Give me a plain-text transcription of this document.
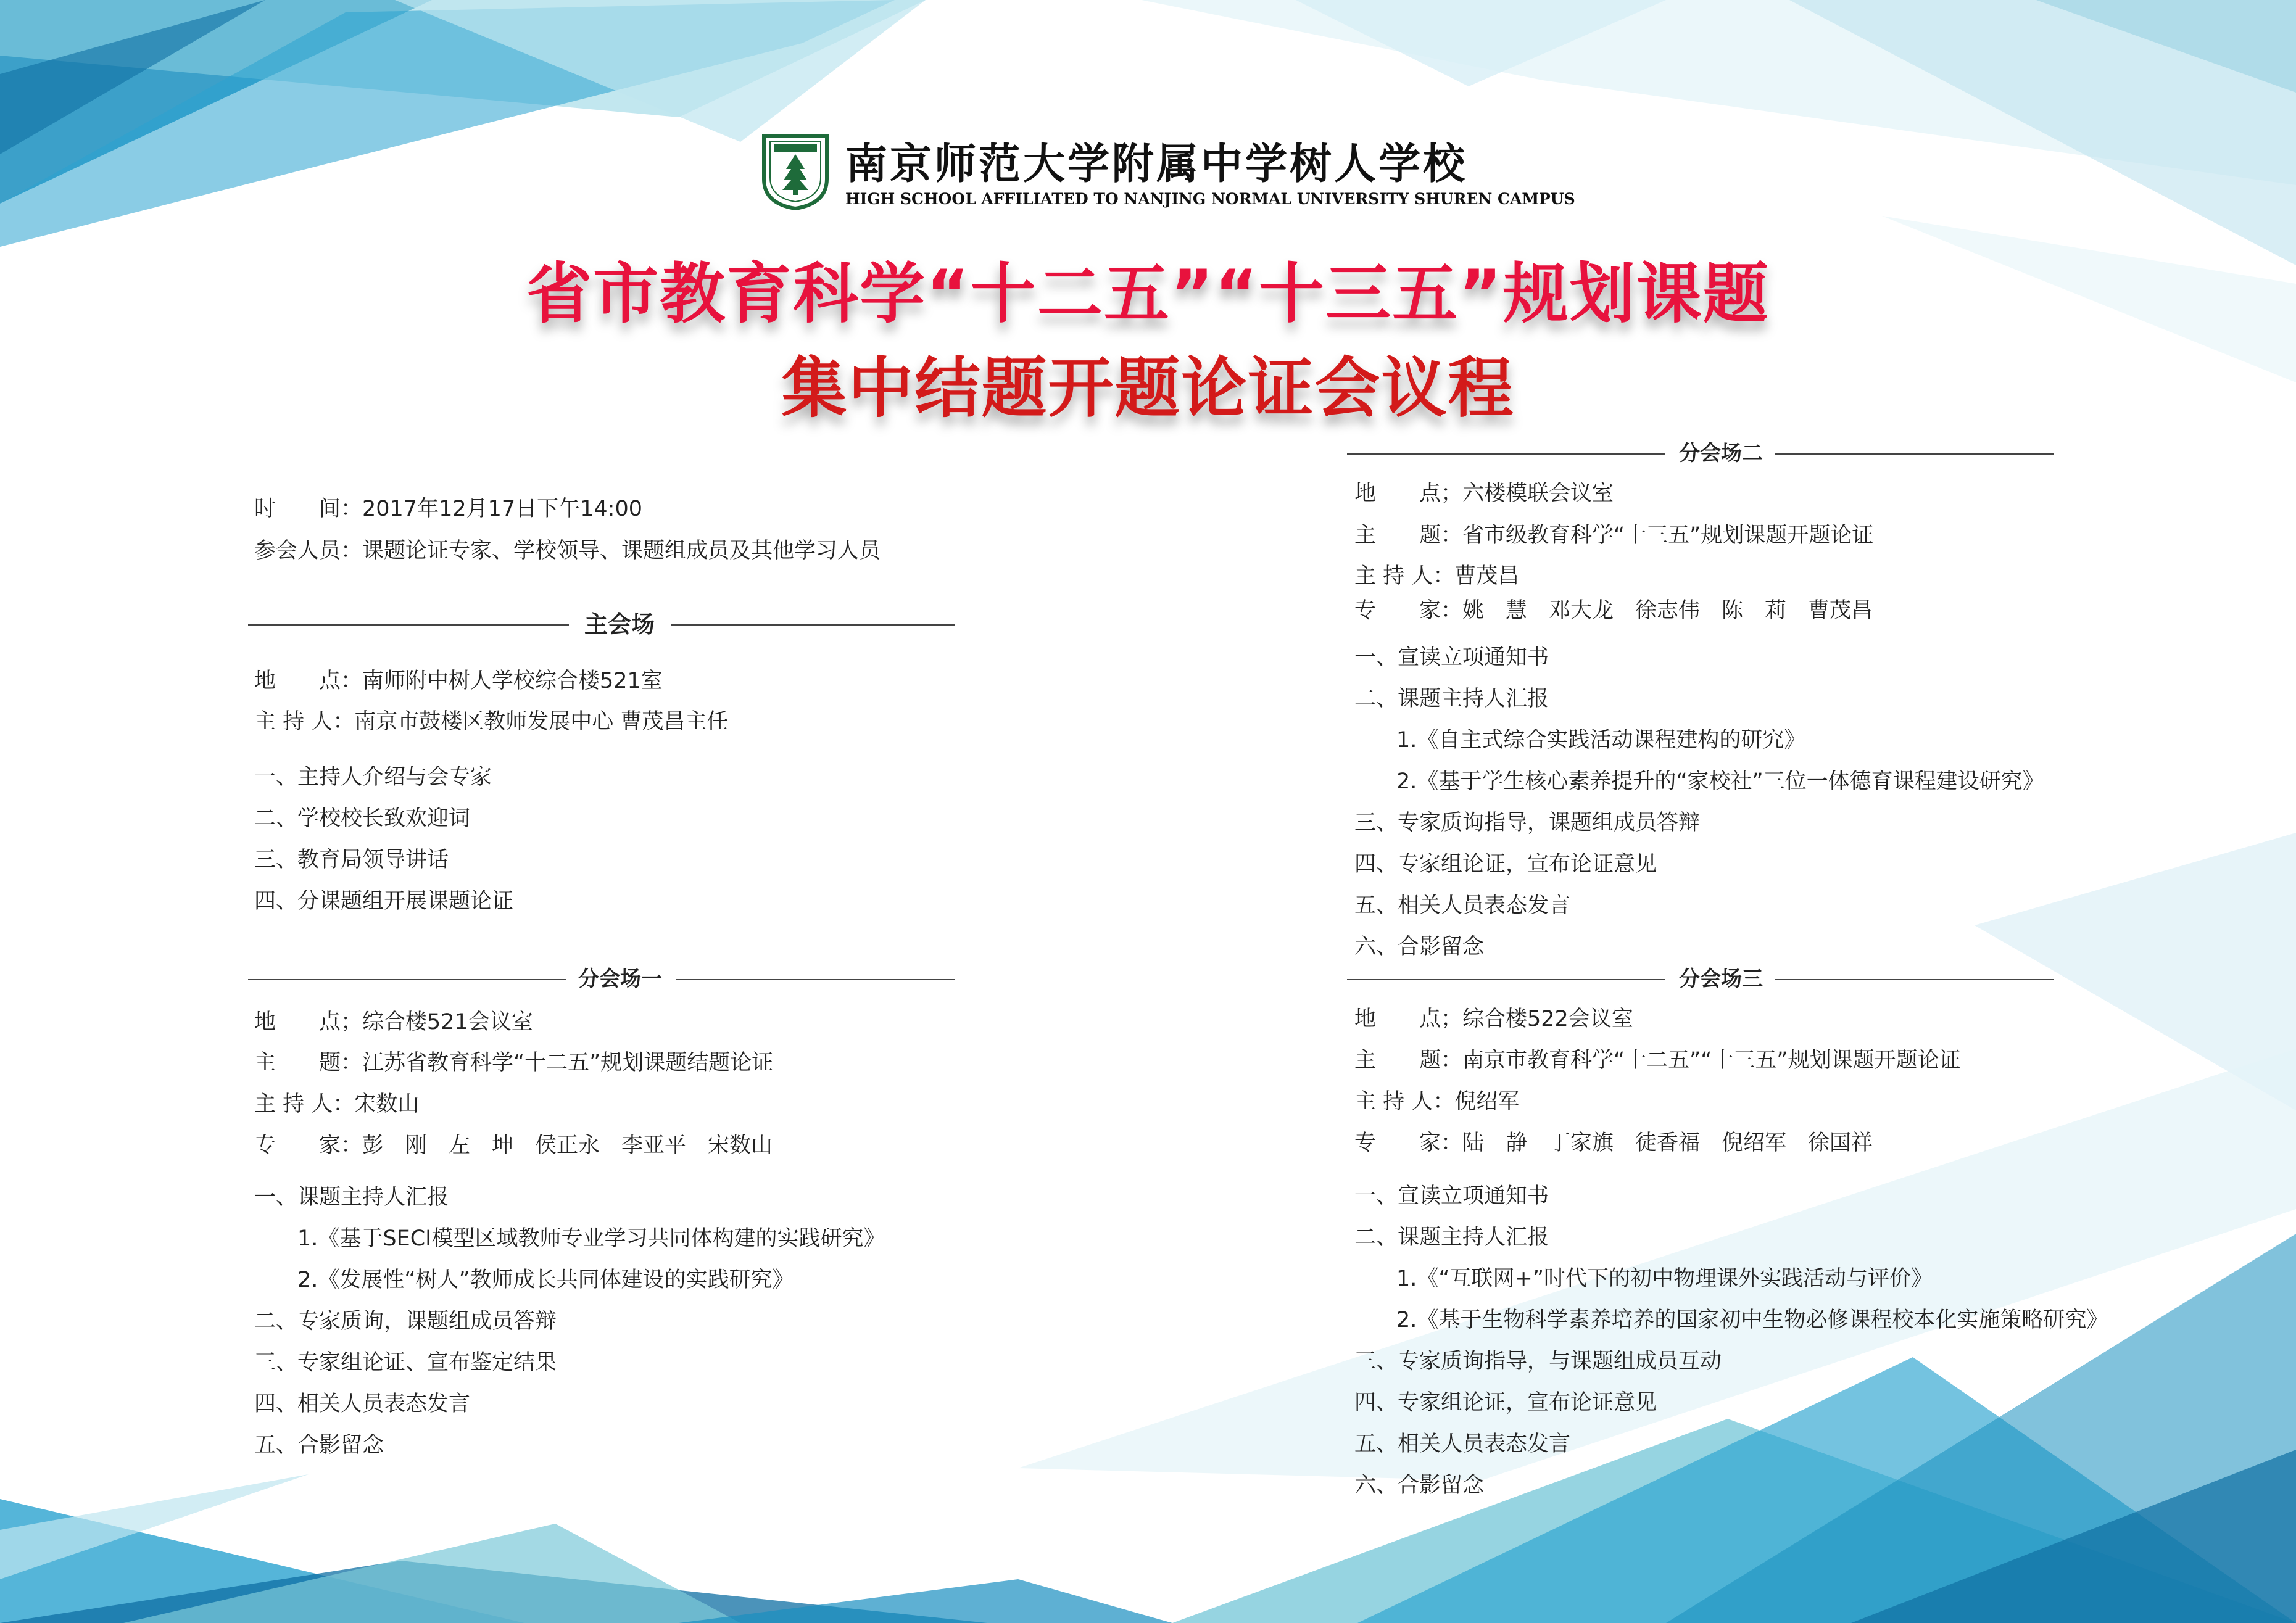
南京师范大学附属中学树人学校
HIGH SCHOOL AFFILIATED TO NANJING NORMAL UNIVERSITY SHUREN CAMPUS
省市教育科学“十二五”“十三五”规划课题
集中结题开题论证会议程
时　　间：2017年12月17日下午14:00
参会人员：课题论证专家、学校领导、课题组成员及其他学习人员
主会场
地　　点：南师附中树人学校综合楼521室
主 持 人：南京市鼓楼区教师发展中心 曹茂昌主任
一、主持人介绍与会专家
二、学校校长致欢迎词
三、教育局领导讲话
四、分课题组开展课题论证
分会场一
地　　点；综合楼521会议室
主　　题：江苏省教育科学“十二五”规划课题结题论证
主 持 人：宋数山
专　　家：彭　刚　左　坤　侯正永　李亚平　宋数山
一、课题主持人汇报
1.《基于SECI模型区域教师专业学习共同体构建的实践研究》
2.《发展性“树人”教师成长共同体建设的实践研究》
二、专家质询，课题组成员答辩
三、专家组论证、宣布鉴定结果
四、相关人员表态发言
五、合影留念
分会场二
地　　点；六楼模联会议室
主　　题：省市级教育科学“十三五”规划课题开题论证
主 持 人：曹茂昌
专　　家：姚　慧　邓大龙　徐志伟　陈　莉　曹茂昌
一、宣读立项通知书
二、课题主持人汇报
1.《自主式综合实践活动课程建构的研究》
2.《基于学生核心素养提升的“家校社”三位一体德育课程建设研究》
三、专家质询指导，课题组成员答辩
四、专家组论证，宣布论证意见
五、相关人员表态发言
六、合影留念
分会场三
地　　点；综合楼522会议室
主　　题：南京市教育科学“十二五”“十三五”规划课题开题论证
主 持 人：倪绍军
专　　家：陆　静　丁家旗　徒香福　倪绍军　徐国祥
一、宣读立项通知书
二、课题主持人汇报
1.《“互联网+”时代下的初中物理课外实践活动与评价》
2.《基于生物科学素养培养的国家初中生物必修课程校本化实施策略研究》
三、专家质询指导，与课题组成员互动
四、专家组论证，宣布论证意见
五、相关人员表态发言
六、合影留念
